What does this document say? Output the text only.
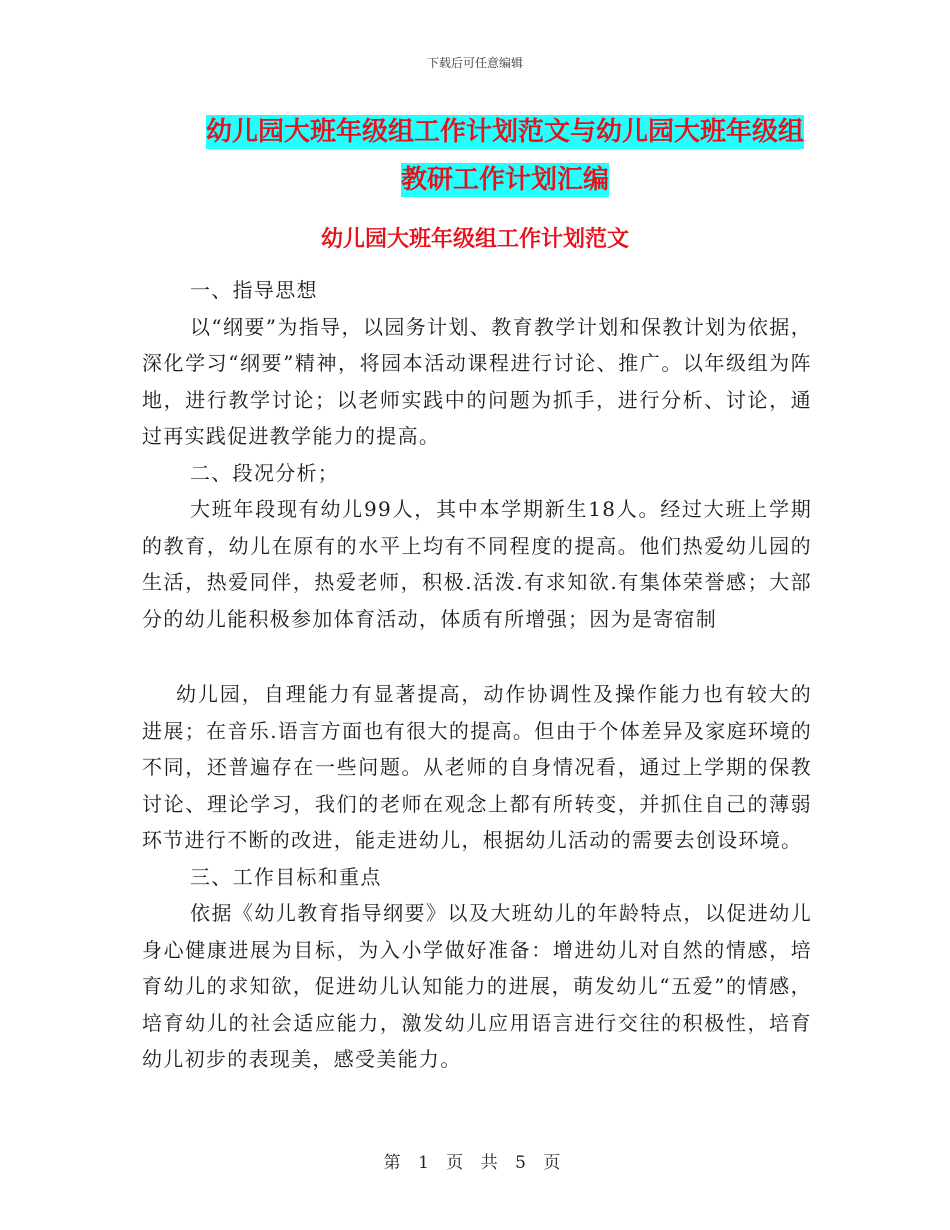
下载后可任意编辑
幼儿园大班年级组工作计划范文与幼儿园大班年级组
教研工作计划汇编
幼儿园大班年级组工作计划范文

一、指导思想

以“纲要”为指导，以园务计划、教育教学计划和保教计划为依据，深化学习“纲要”精神，将园本活动课程进行讨论、推广。以年级组为阵地，进行教学讨论；以老师实践中的问题为抓手，进行分析、讨论，通过再实践促进教学能力的提高。

二、段况分析；

大班年段现有幼儿99人，其中本学期新生18人。经过大班上学期的教育，幼儿在原有的水平上均有不同程度的提高。他们热爱幼儿园的生活，热爱同伴，热爱老师，积极.活泼.有求知欲.有集体荣誉感；大部分的幼儿能积极参加体育活动，体质有所增强；因为是寄宿制

幼儿园，自理能力有显著提高，动作协调性及操作能力也有较大的进展；在音乐.语言方面也有很大的提高。但由于个体差异及家庭环境的不同，还普遍存在一些问题。从老师的自身情况看，通过上学期的保教讨论、理论学习，我们的老师在观念上都有所转变，并抓住自己的薄弱环节进行不断的改进，能走进幼儿，根据幼儿活动的需要去创设环境。

三、工作目标和重点

依据《幼儿教育指导纲要》以及大班幼儿的年龄特点，以促进幼儿身心健康进展为目标，为入小学做好准备：增进幼儿对自然的情感，培育幼儿的求知欲，促进幼儿认知能力的进展，萌发幼儿“五爱”的情感，培育幼儿的社会适应能力，激发幼儿应用语言进行交往的积极性，培育幼儿初步的表现美，感受美能力。

第 1 页 共 5 页
